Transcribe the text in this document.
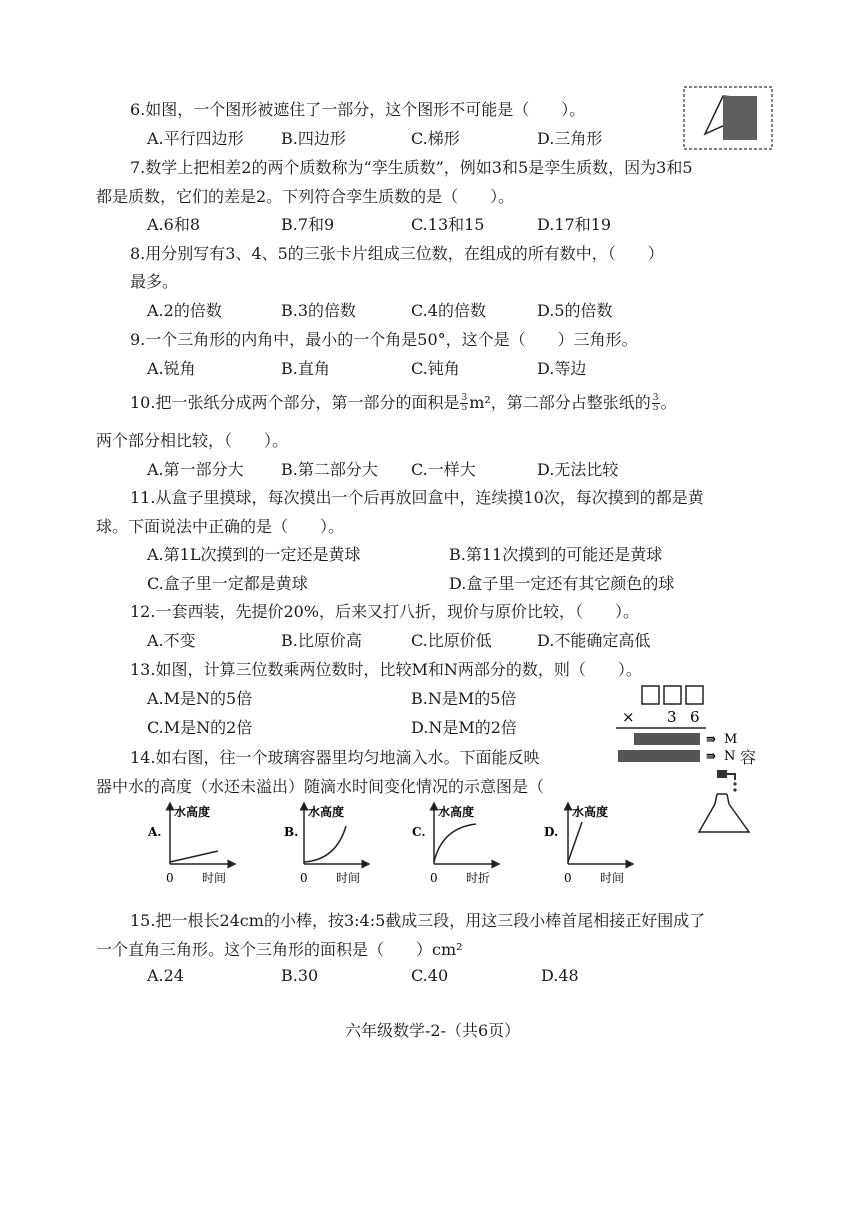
6.如图，一个图形被遮住了一部分，这个图形不可能是（　　）。
A.平行四边形 B.四边形	C.梯形	D.三角形
7.数学上把相差2的两个质数称为“孪生质数”，例如3和5是孪生质数，因为3和5
都是质数，它们的差是2。下列符合孪生质数的是（　　）。
A.6和8	B.7和9	C.13和15	D.17和19
8.用分别写有3、4、5的三张卡片组成三位数，在组成的所有数中，（　　）
最多。
A.2的倍数	B.3的倍数	C.4的倍数	D.5的倍数
9.一个三角形的内角中，最小的一个角是50°，这个是（　　）三角形。
A.锐角	B.直角	C.钝角	D.等边
10.把一张纸分成两个部分，第一部分的面积是 $\frac{3}{5} m^2$，第二部分占整张纸的 $\frac{3}{5}$ 。
两个部分相比较，（　　）。
A.第一部分大 B.第二部分大 C.一样大	D.无法比较
11.从盒子里摸球，每次摸出一个后再放回盒中，连续摸10次，每次摸到的都是黄
球。下面说法中正确的是（　　）。
A.第1L次摸到的一定还是黄球	B.第11次摸到的可能还是黄球
C.盒子里一定都是黄球	D.盒子里一定还有其它颜色的球
12.一套西装，先提价20%，后来又打八折，现价与原价比较，（　　）。
A.不变	B.比原价高	C.比原价低	D.不能确定高低
13.如图，计算三位数乘两位数时，比较M和N两部分的数，则（　　）。
A.M是N的5倍	B.N是M的5倍
C.M是N的2倍	D.N是M的2倍
× 3 6
⇛ M
⇛ N
14.如右图，往一个玻璃容器里均匀地滴入水。下面能反映	容
器中水的高度（水还未溢出）随滴水时间变化情况的示意图是（
A.
水高度
0 时间
B.
水高度
0 时间
C.
水高度
0 时折
D.
水高度
0 时间
15.把一根长24cm的小棒，按3:4:5截成三段，用这三段小棒首尾相接正好围成了
一个直角三角形。这个三角形的面积是（　　）cm²
A.24	B.30	C.40	D.48
六年级数学-2-（共6页）
